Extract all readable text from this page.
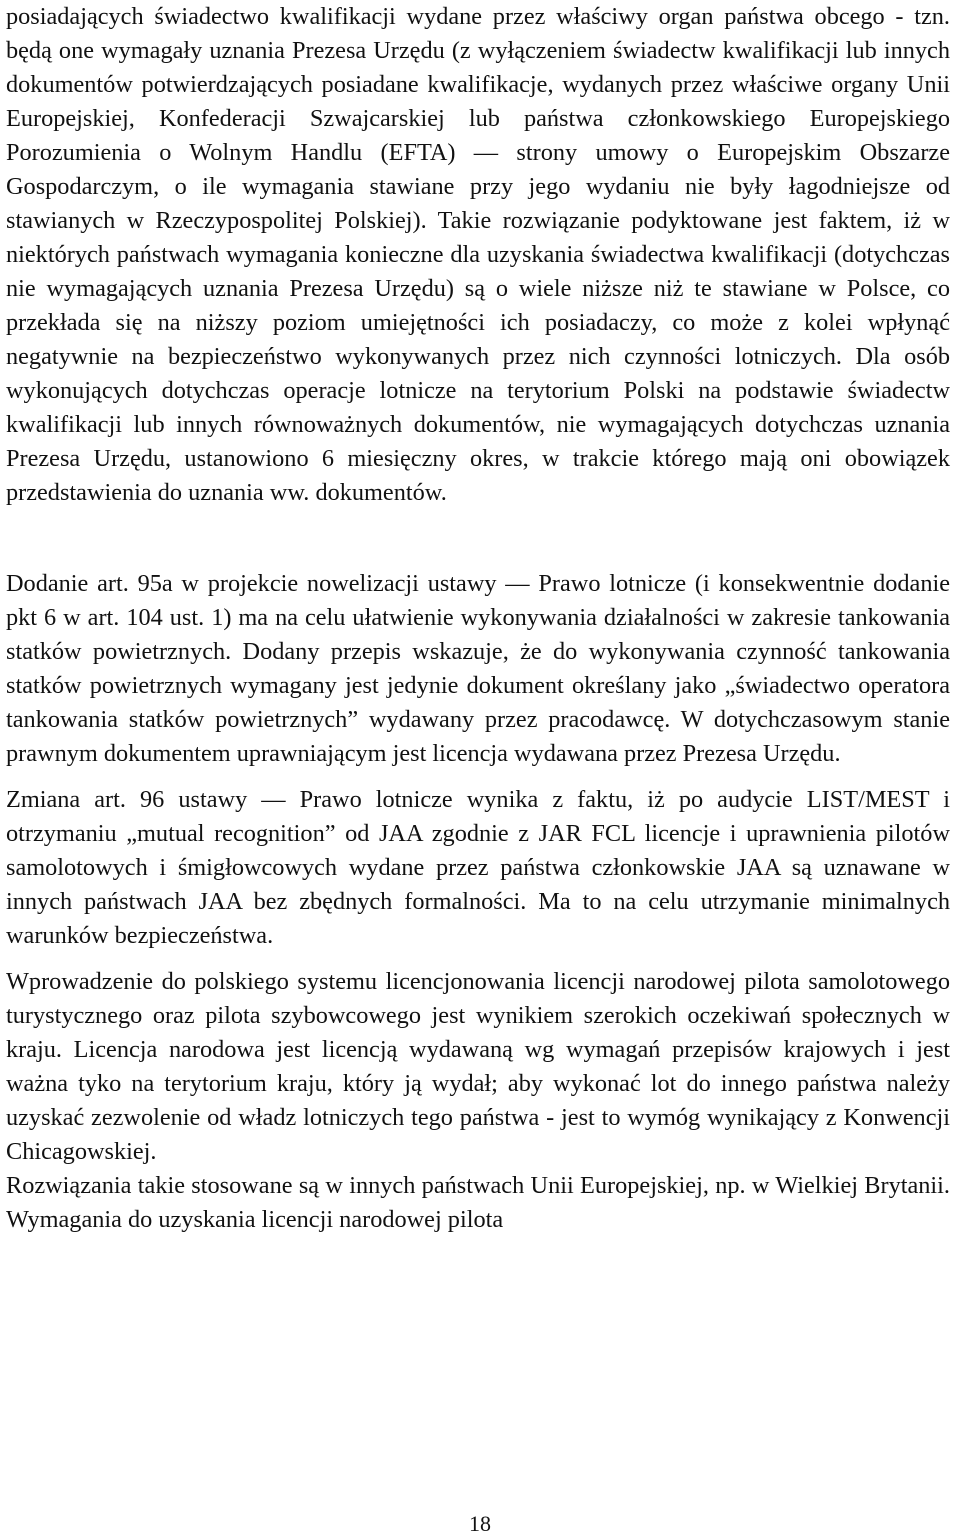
posiadających świadectwo kwalifikacji wydane przez właściwy organ państwa obcego - tzn. będą one wymagały uznania Prezesa Urzędu (z wyłączeniem świadectw kwalifikacji lub innych dokumentów potwierdzających posiadane kwalifikacje, wydanych przez właściwe organy Unii Europejskiej, Konfederacji Szwajcarskiej lub państwa członkowskiego Europejskiego Porozumienia o Wolnym Handlu (EFTA) — strony umowy o Europejskim Obszarze Gospodarczym, o ile wymagania stawiane przy jego wydaniu nie były łagodniejsze od stawianych w Rzeczypospolitej Polskiej). Takie rozwiązanie podyktowane jest faktem, iż w niektórych państwach wymagania konieczne dla uzyskania świadectwa kwalifikacji (dotychczas nie wymagających uznania Prezesa Urzędu) są o wiele niższe niż te stawiane w Polsce, co przekłada się na niższy poziom umiejętności ich posiadaczy, co może z kolei wpłynąć negatywnie na bezpieczeństwo wykonywanych przez nich czynności lotniczych. Dla osób wykonujących dotychczas operacje lotnicze na terytorium Polski na podstawie świadectw kwalifikacji lub innych równoważnych dokumentów, nie wymagających dotychczas uznania Prezesa Urzędu, ustanowiono 6 miesięczny okres, w trakcie którego mają oni obowiązek przedstawienia do uznania ww. dokumentów.

Dodanie art. 95a w projekcie nowelizacji ustawy — Prawo lotnicze (i konsekwentnie dodanie pkt 6 w art. 104 ust. 1) ma na celu ułatwienie wykonywania działalności w zakresie tankowania statków powietrznych. Dodany przepis wskazuje, że do wykonywania czynność tankowania statków powietrznych wymagany jest jedynie dokument określany jako „świadectwo operatora tankowania statków powietrznych” wydawany przez pracodawcę. W dotychczasowym stanie prawnym dokumentem uprawniającym jest licencja wydawana przez Prezesa Urzędu.

Zmiana art. 96 ustawy — Prawo lotnicze wynika z faktu, iż po audycie LIST/MEST i otrzymaniu „mutual recognition” od JAA zgodnie z JAR FCL licencje i uprawnienia pilotów samolotowych i śmigłowcowych wydane przez państwa członkowskie JAA są uznawane w innych państwach JAA bez zbędnych formalności. Ma to na celu utrzymanie minimalnych warunków bezpieczeństwa.

Wprowadzenie do polskiego systemu licencjonowania licencji narodowej pilota samolotowego turystycznego oraz pilota szybowcowego jest wynikiem szerokich oczekiwań społecznych w kraju. Licencja narodowa jest licencją wydawaną wg wymagań przepisów krajowych i jest ważna tyko na terytorium kraju, który ją wydał; aby wykonać lot do innego państwa należy uzyskać zezwolenie od władz lotniczych tego państwa - jest to wymóg wynikający z Konwencji Chicagowskiej.

Rozwiązania takie stosowane są w innych państwach Unii Europejskiej, np. w Wielkiej Brytanii. Wymagania do uzyskania licencji narodowej pilota

18
